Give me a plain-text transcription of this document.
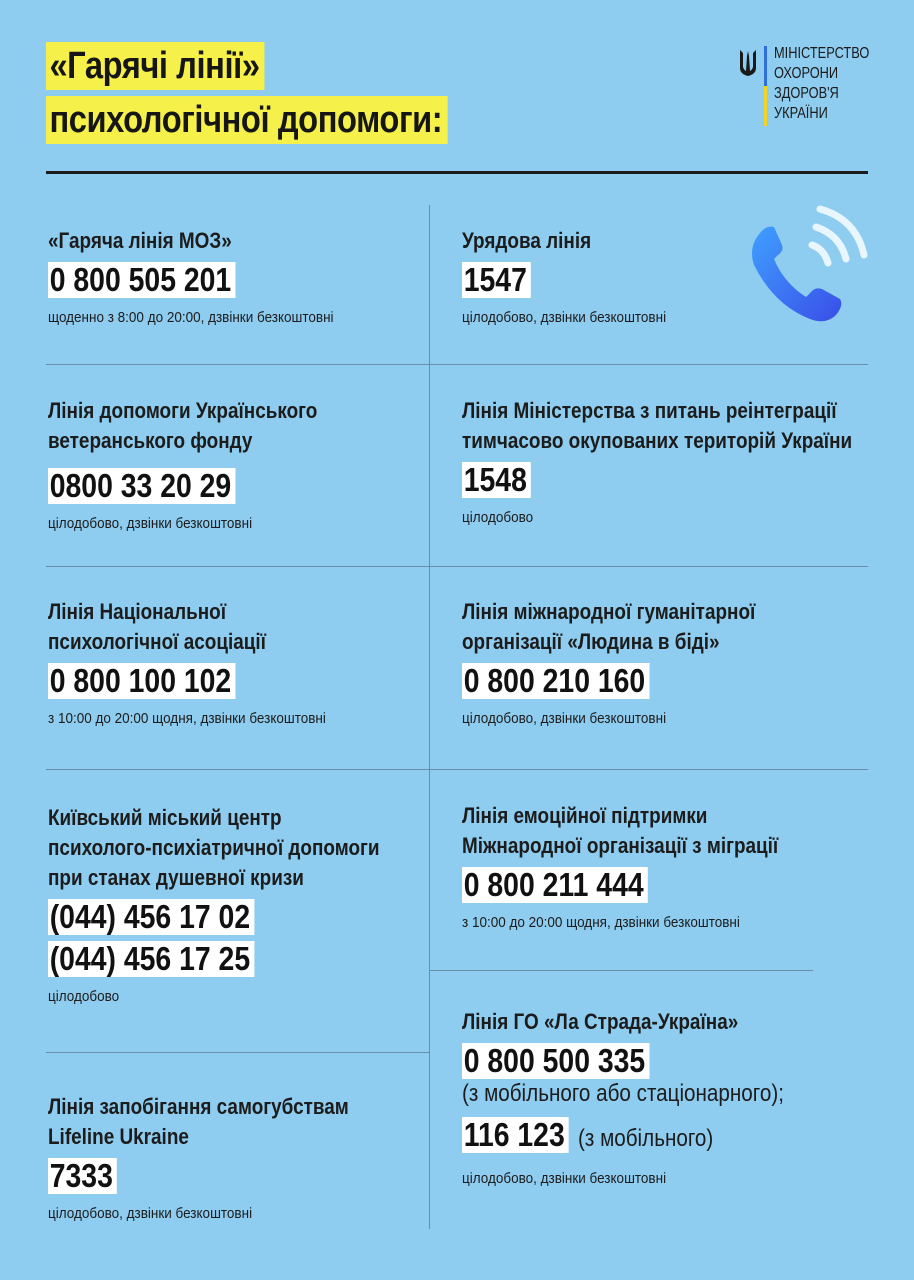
«Гарячі лінії»
психологічної допомоги:
МІНІСТЕРСТВО
ОХОРОНИ
ЗДОРОВ'Я
УКРАЇНИ
«Гаряча лінія МОЗ»
0 800 505 201
щоденно з 8:00 до 20:00, дзвінки безкоштовні
Лінія допомоги Українського
ветеранського фонду
0800 33 20 29
цілодобово, дзвінки безкоштовні
Лінія Національної
психологічної асоціації
0 800 100 102
з 10:00 до 20:00 щодня, дзвінки безкоштовні
Київський міський центр
психолого-психіатричної допомоги
при станах душевної кризи
(044) 456 17 02
(044) 456 17 25
цілодобово
Лінія запобігання самогубствам
Lifeline Ukraine
7333
цілодобово, дзвінки безкоштовні
Урядова лінія
1547
цілодобово, дзвінки безкоштовні
Лінія Міністерства з питань реінтеграції
тимчасово окупованих територій України
1548
цілодобово
Лінія міжнародної гуманітарної
організації «Людина в біді»
0 800 210 160
цілодобово, дзвінки безкоштовні
Лінія емоційної підтримки
Міжнародної організації з міграції
0 800 211 444
з 10:00 до 20:00 щодня, дзвінки безкоштовні
Лінія ГО «Ла Страда-Україна»
0 800 500 335
(з мобільного або стаціонарного);
116 123 (з мобільного)
цілодобово, дзвінки безкоштовні
